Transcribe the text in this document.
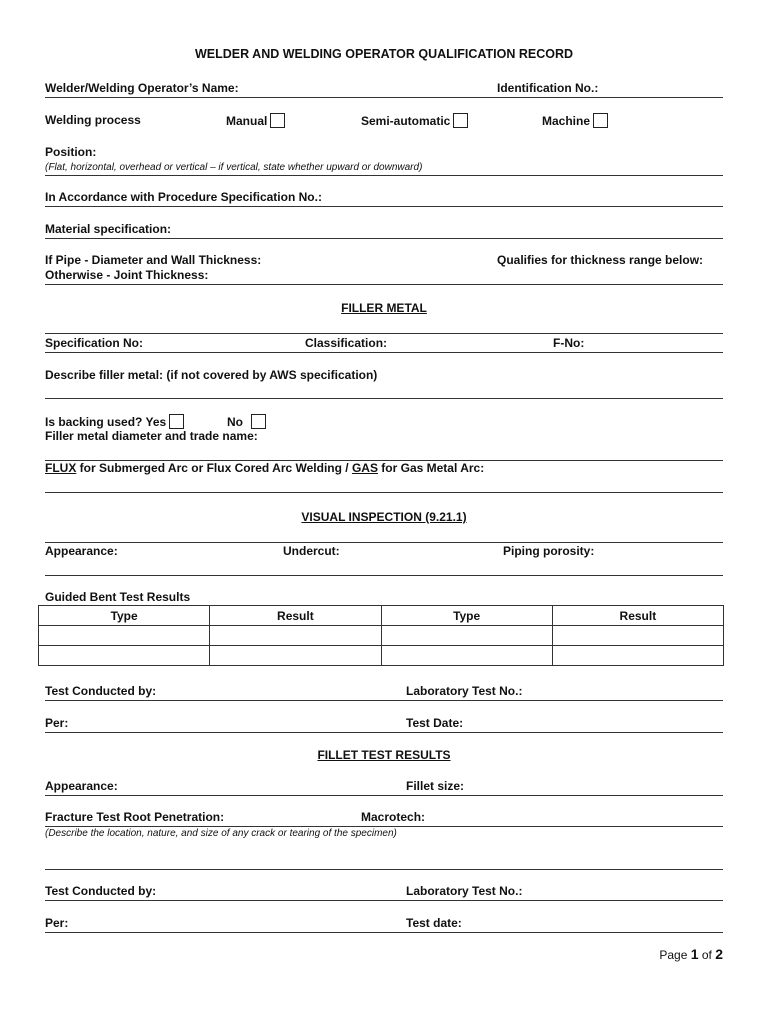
WELDER AND WELDING OPERATOR QUALIFICATION RECORD
Welder/Welding Operator’s Name:	Identification No.:
Welding process	Manual	Semi-automatic	Machine
Position:
(Flat, horizontal, overhead or vertical – if vertical, state whether upward or downward)
In Accordance with Procedure Specification No.:
Material specification:
If Pipe - Diameter and Wall Thickness:
Otherwise - Joint Thickness:
Qualifies for thickness range below:
FILLER METAL
Specification No:	Classification:	F-No:
Describe filler metal: (if not covered by AWS specification)
Is backing used? Yes	No
Filler metal diameter and trade name:
FLUX for Submerged Arc or Flux Cored Arc Welding / GAS for Gas Metal Arc:
VISUAL INSPECTION (9.21.1)
Appearance:	Undercut:	Piping porosity:
Guided Bent Test Results
Type	Result	Type	Result

Test Conducted by:	Laboratory Test No.:
Per:	Test Date:
FILLET TEST RESULTS
Appearance:	Fillet size:
Fracture Test Root Penetration:	Macrotech:
(Describe the location, nature, and size of any crack or tearing of the specimen)
Test Conducted by:	Laboratory Test No.:
Per:	Test date:
Page 1 of 2
